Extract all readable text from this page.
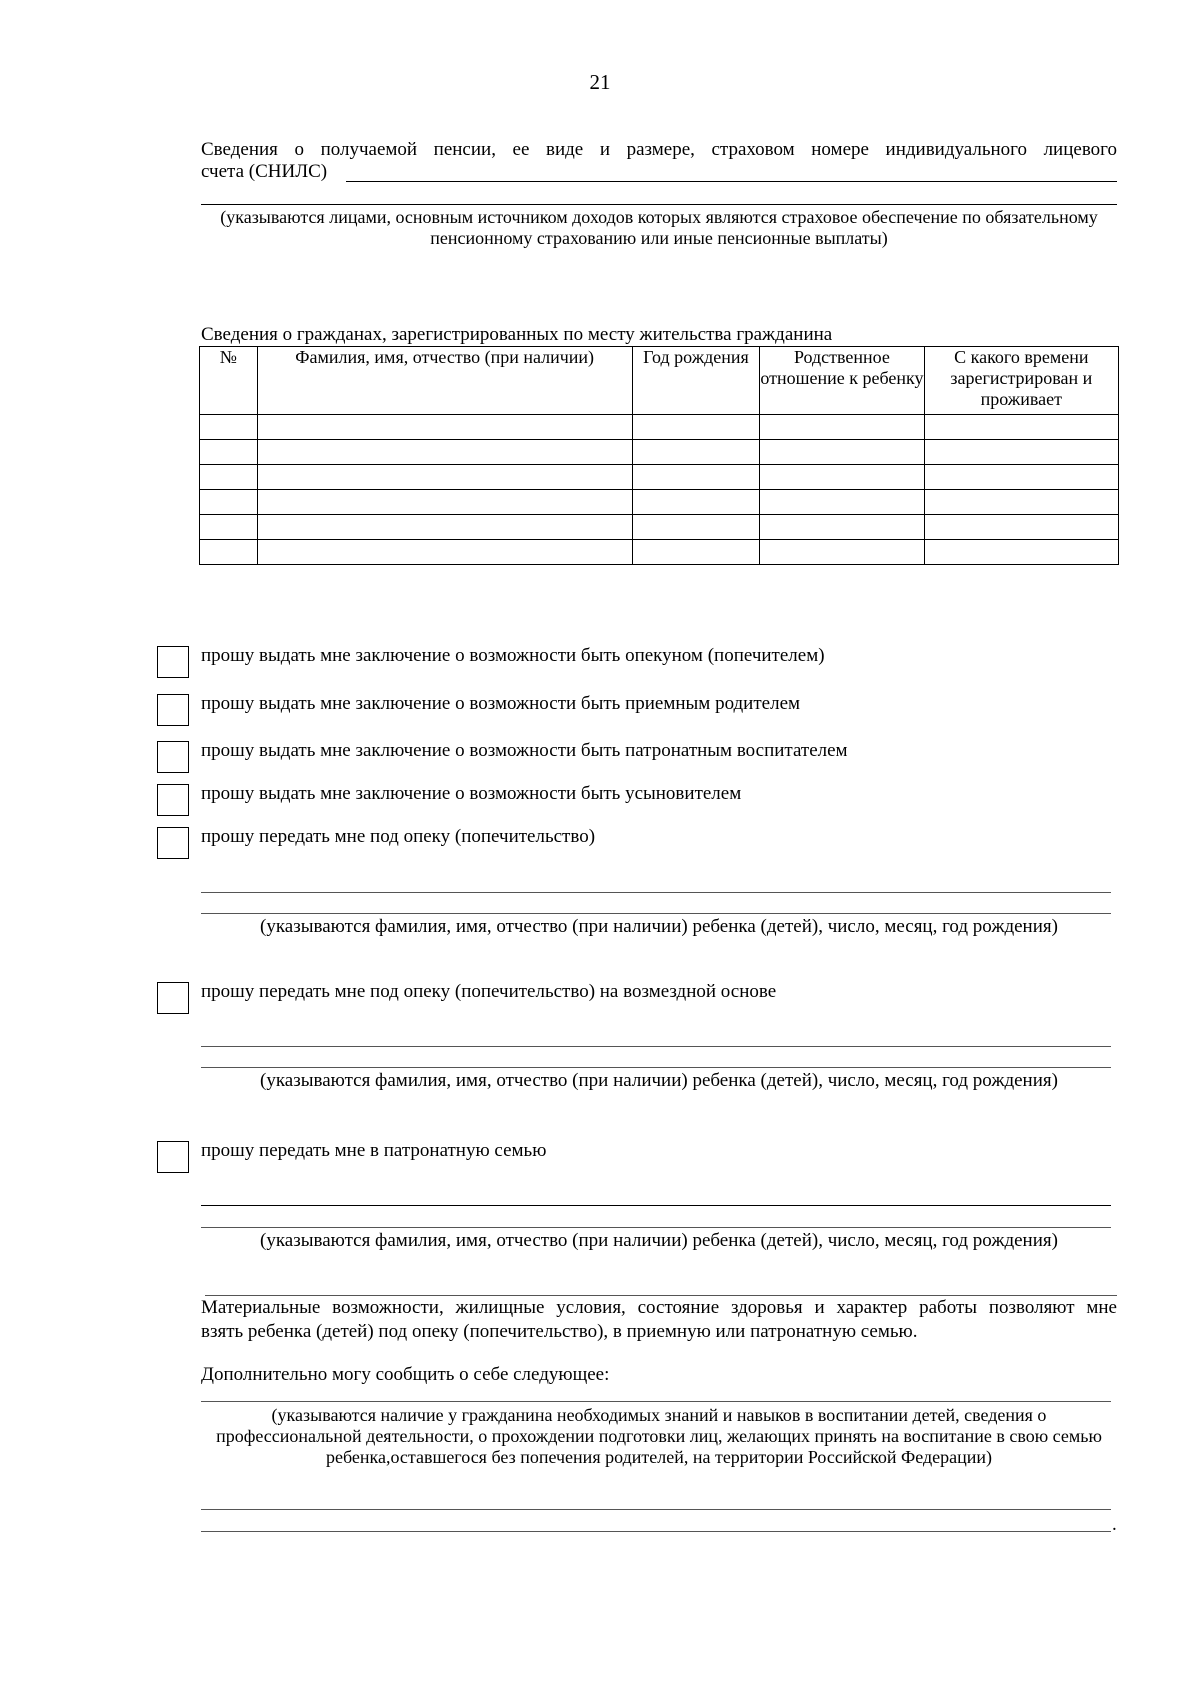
21
Сведения о получаемой пенсии, ее виде и размере, страховом номере индивидуального лицевого
счета (СНИЛС)
(указываются лицами, основным источником доходов которых являются страховое обеспечение по обязательному пенсионному страхованию или иные пенсионные выплаты)
Сведения о гражданах, зарегистрированных по месту жительства гражданина
№	Фамилия, имя, отчество (при наличии)	Год рождения	Родственное отношение к ребенку	С какого времени зарегистрирован и проживает

прошу выдать мне заключение о возможности быть опекуном (попечителем)
прошу выдать мне заключение о возможности быть приемным родителем
прошу выдать мне заключение о возможности быть патронатным воспитателем
прошу выдать мне заключение о возможности быть усыновителем
прошу передать мне под опеку (попечительство)
(указываются фамилия, имя, отчество (при наличии) ребенка (детей), число, месяц, год рождения)
прошу передать мне под опеку (попечительство) на возмездной основе
(указываются фамилия, имя, отчество (при наличии) ребенка (детей), число, месяц, год рождения)
прошу передать мне в патронатную семью
(указываются фамилия, имя, отчество (при наличии) ребенка (детей), число, месяц, год рождения)
Материальные возможности, жилищные условия, состояние здоровья и характер работы позволяют мне
взять ребенка (детей) под опеку (попечительство), в приемную или патронатную семью.
Дополнительно могу сообщить о себе следующее:
(указываются наличие у гражданина необходимых знаний и навыков в воспитании детей, сведения о профессиональной деятельности, о прохождении подготовки лиц, желающих принять на воспитание в свою семью ребенка,оставшегося без попечения родителей, на территории Российской Федерации)
.
